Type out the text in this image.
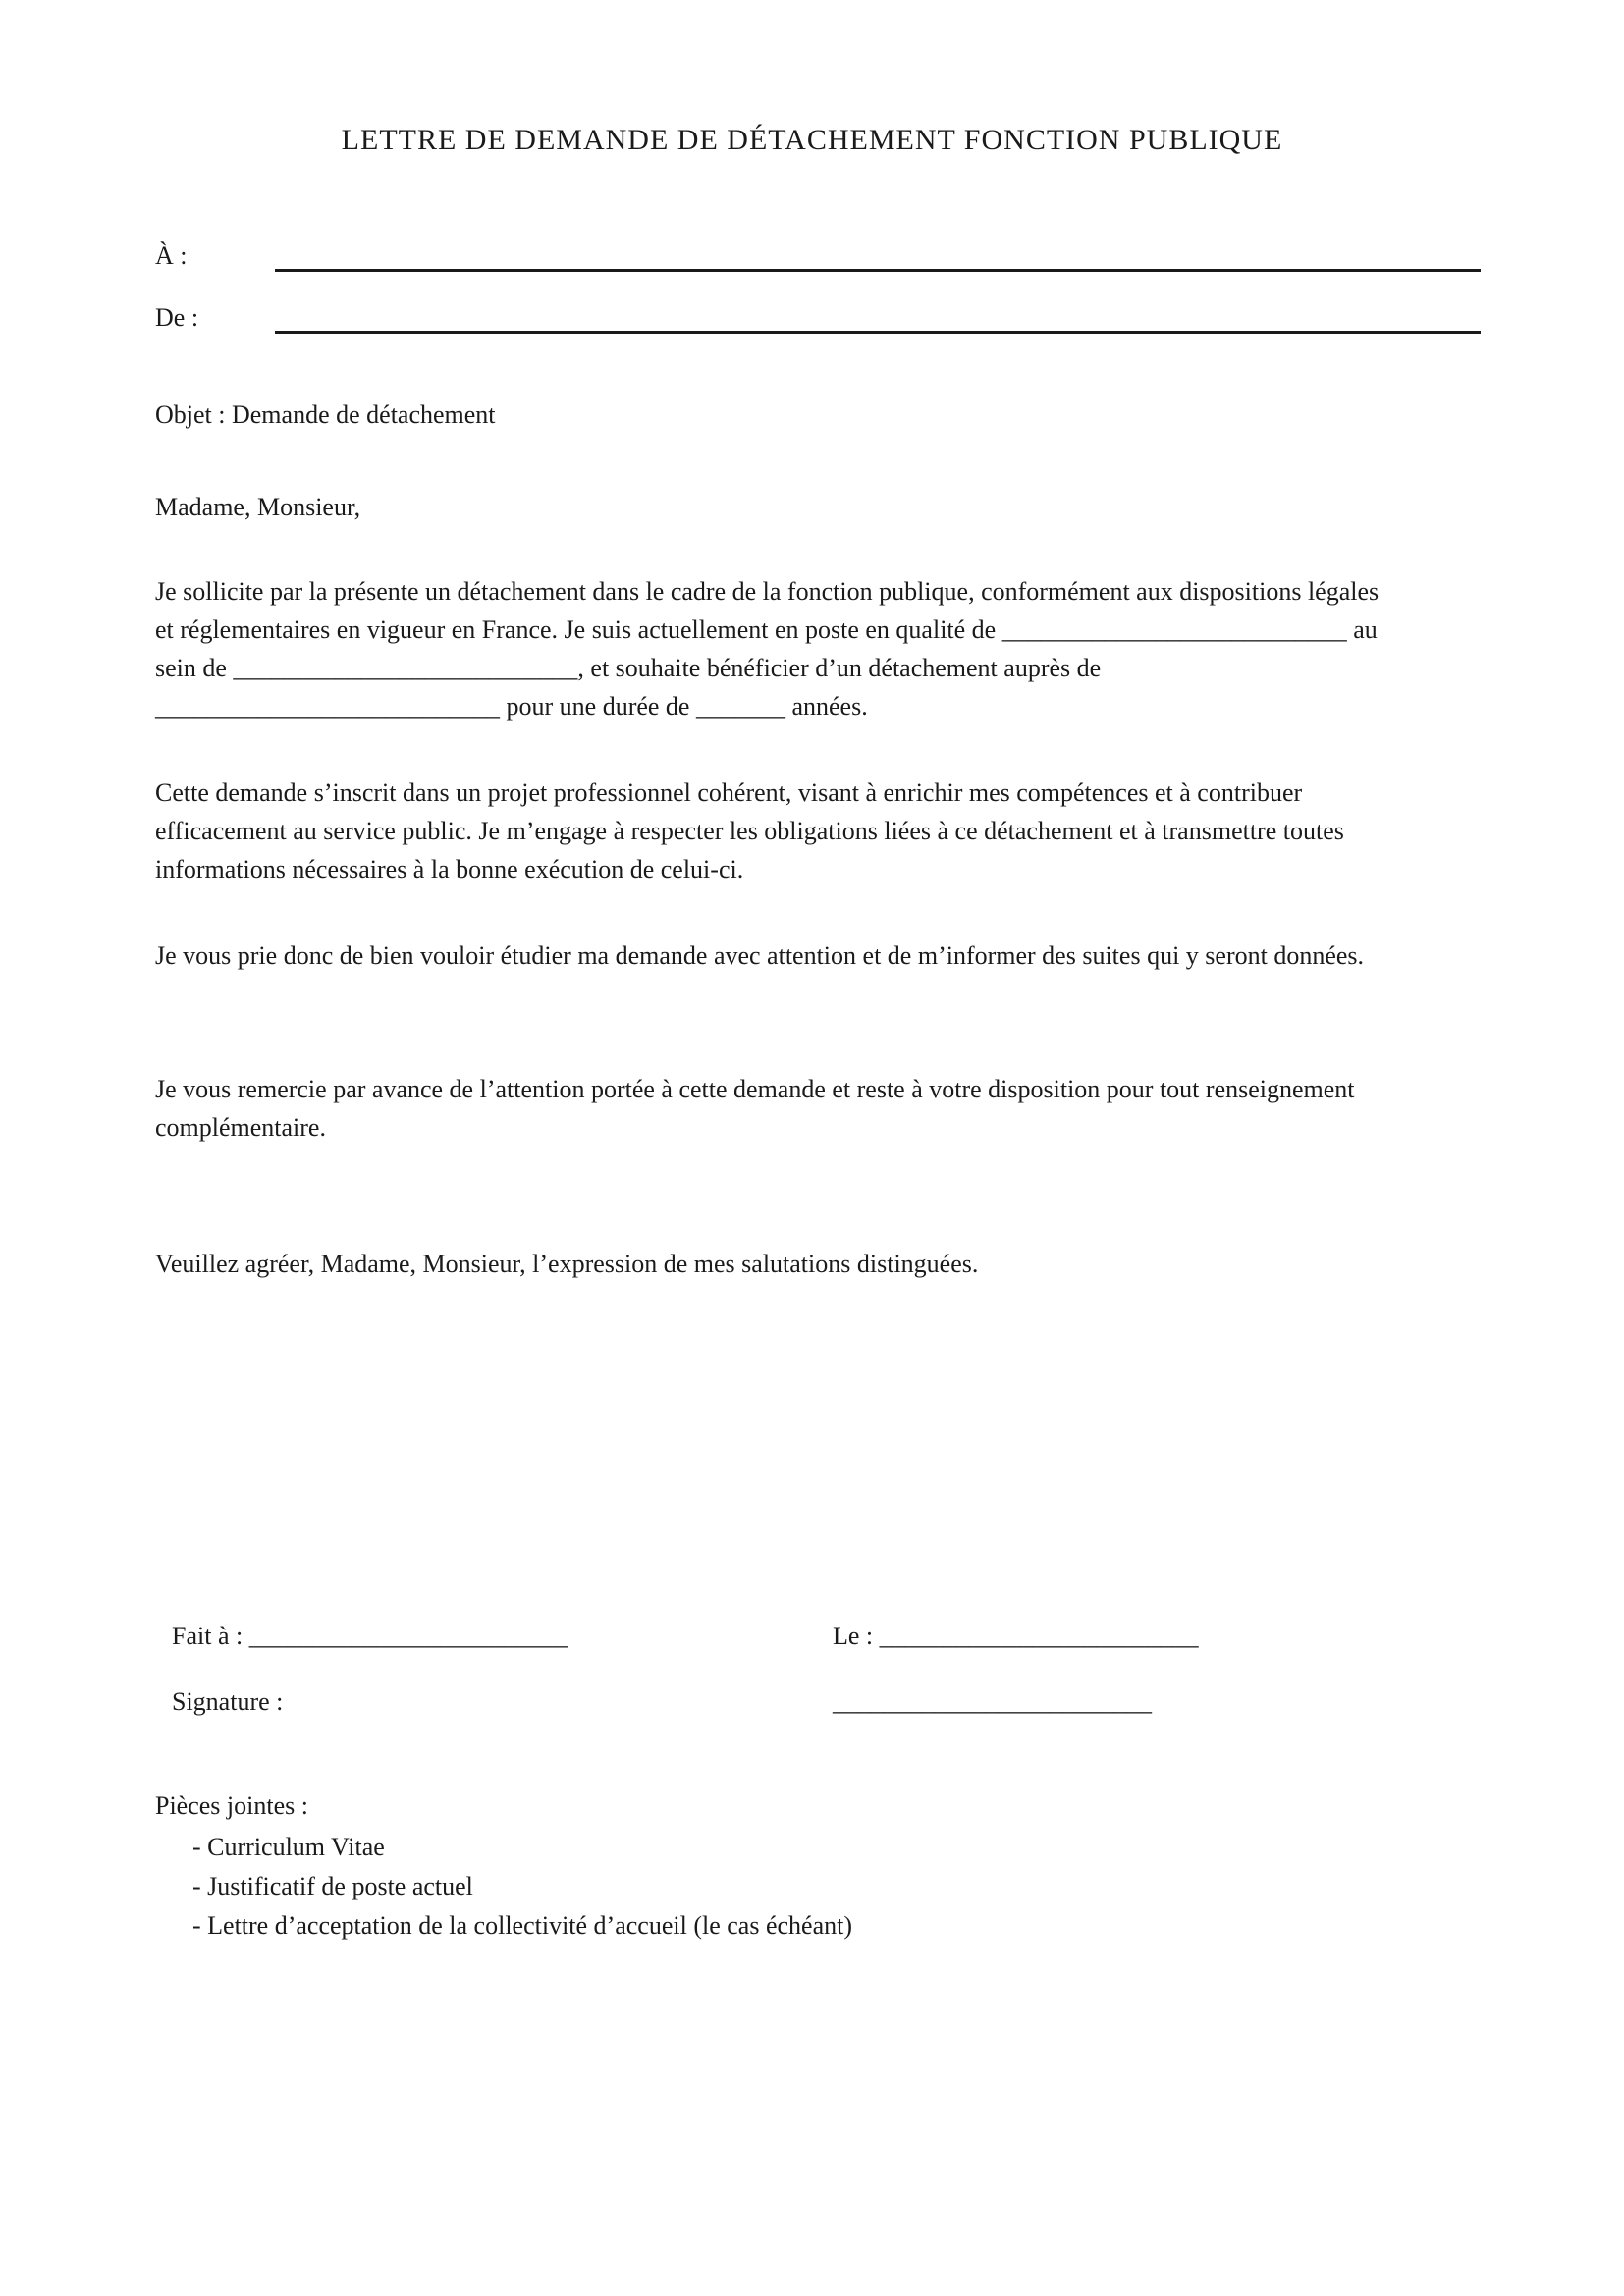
LETTRE DE DEMANDE DE DÉTACHEMENT FONCTION PUBLIQUE
À :
De :
Objet : Demande de détachement
Madame, Monsieur,
Je sollicite par la présente un détachement dans le cadre de la fonction publique, conformément aux dispositions légales
et réglementaires en vigueur en France. Je suis actuellement en poste en qualité de ___________________________ au
sein de ___________________________, et souhaite bénéficier d’un détachement auprès de
___________________________ pour une durée de _______ années.
Cette demande s’inscrit dans un projet professionnel cohérent, visant à enrichir mes compétences et à contribuer
efficacement au service public. Je m’engage à respecter les obligations liées à ce détachement et à transmettre toutes
informations nécessaires à la bonne exécution de celui-ci.
Je vous prie donc de bien vouloir étudier ma demande avec attention et de m’informer des suites qui y seront données.
Je vous remercie par avance de l’attention portée à cette demande et reste à votre disposition pour tout renseignement
complémentaire.
Veuillez agréer, Madame, Monsieur, l’expression de mes salutations distinguées.
Fait à : _________________________	Le : _________________________
Signature :	_________________________
Pièces jointes :
- Curriculum Vitae
- Justificatif de poste actuel
- Lettre d’acceptation de la collectivité d’accueil (le cas échéant)
